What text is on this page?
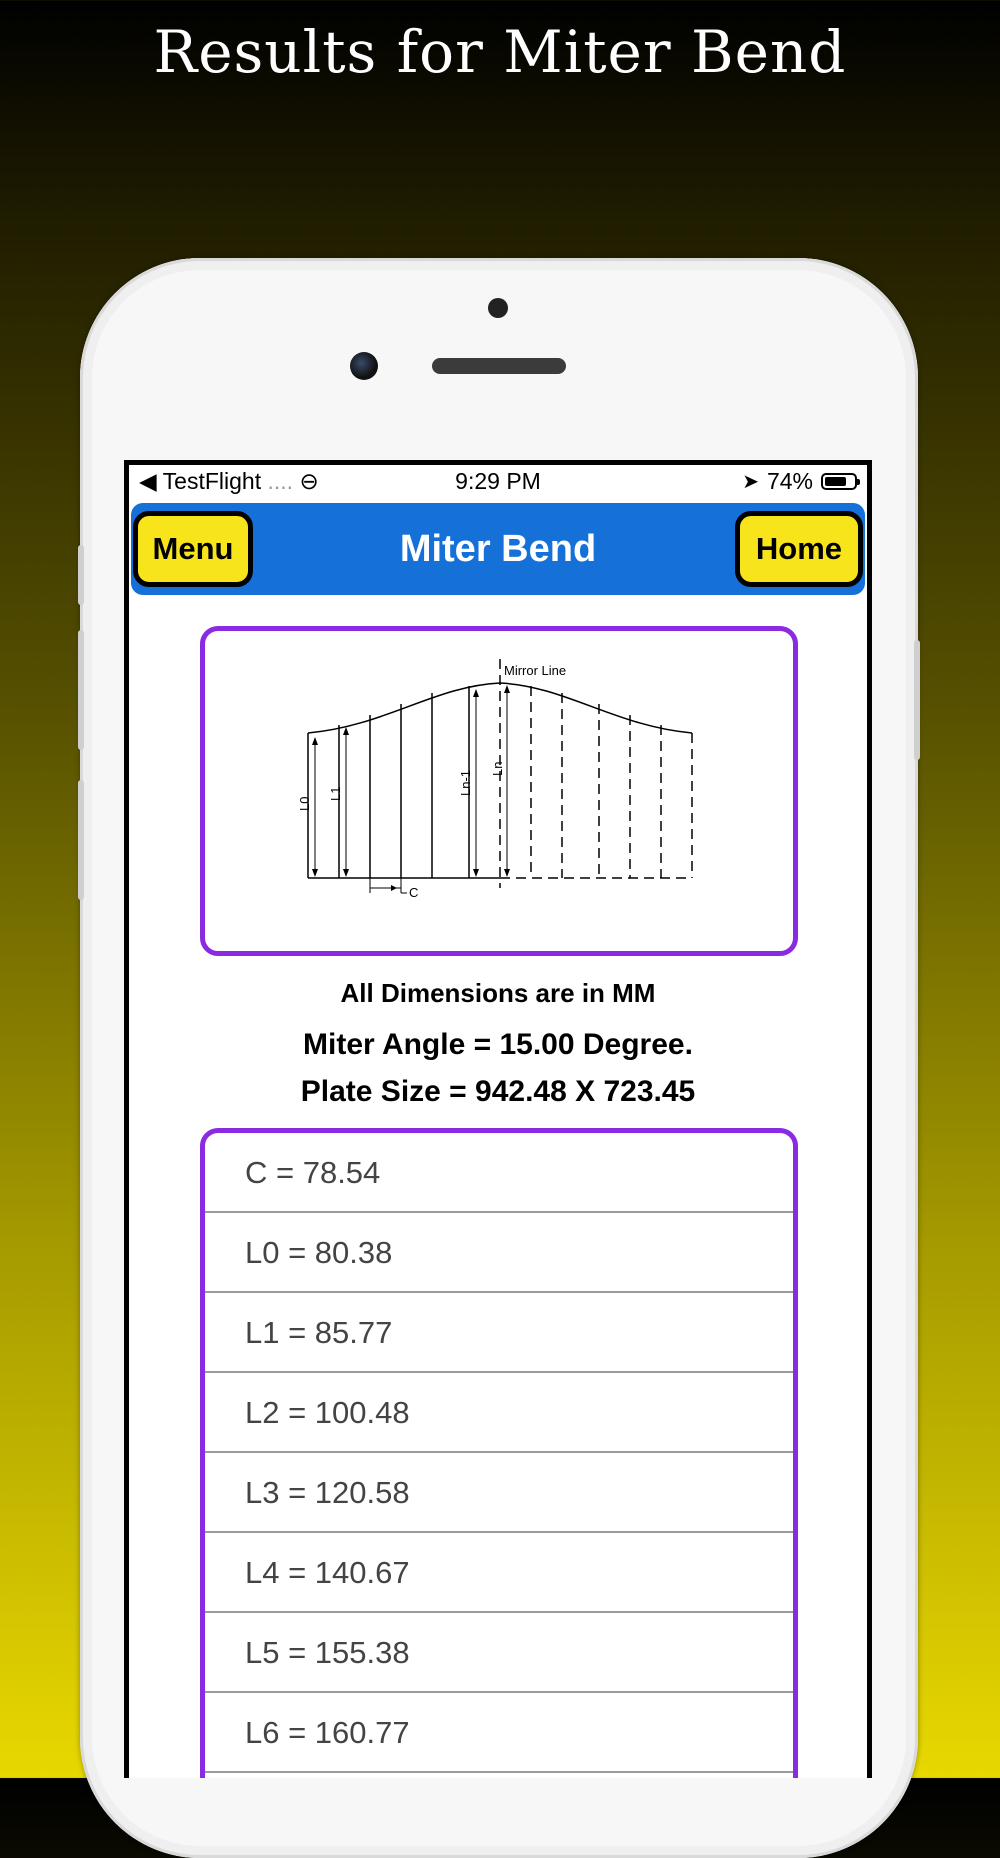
Results for Miter Bend
◀ TestFlight .... ⊖	9:29 PM	➤ 74%
Miter Bend
Menu	Home
Mirror Line
L0
L1	Ln-1
Ln
C
All Dimensions are in MM
Miter Angle = 15.00 Degree.
Plate Size = 942.48 X 723.45
C = 78.54
L0 = 80.38
L1 = 85.77
L2 = 100.48
L3 = 120.58
L4 = 140.67
L5 = 155.38
L6 = 160.77
